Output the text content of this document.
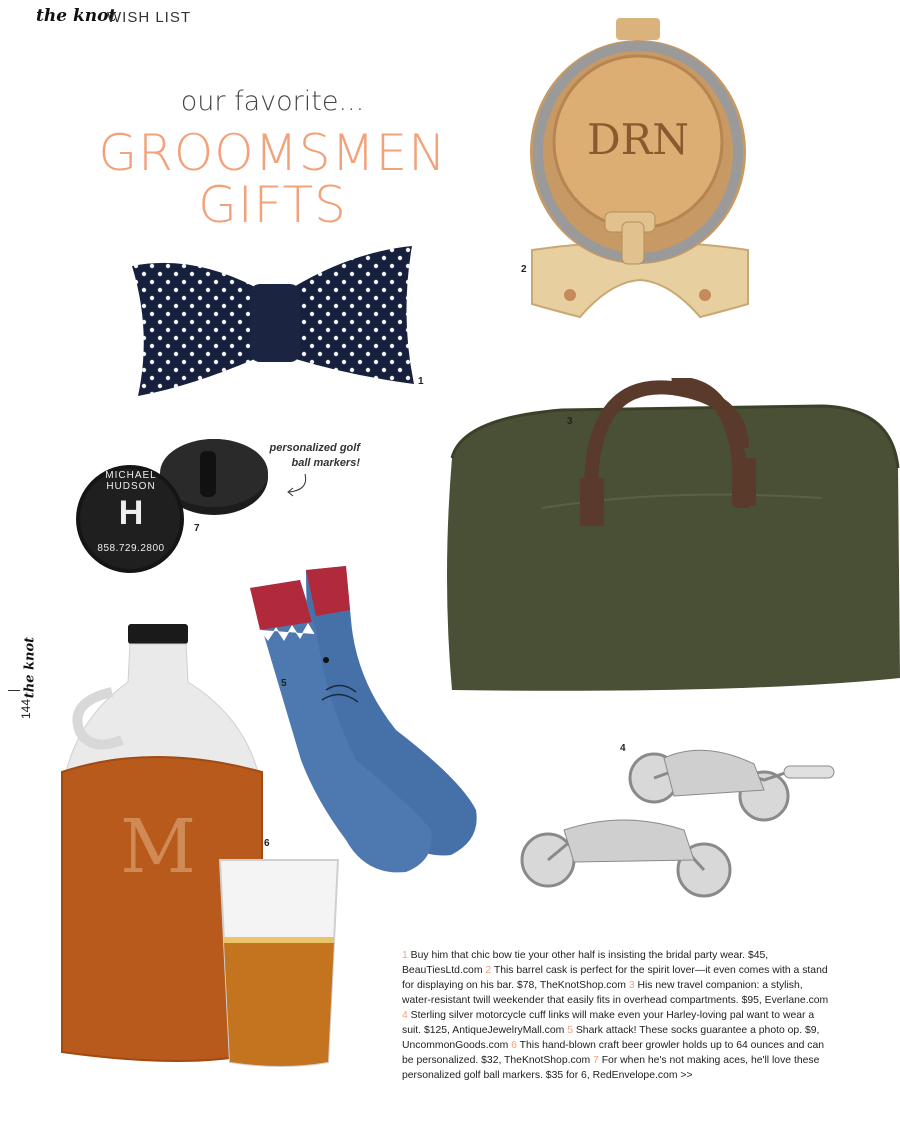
the knot
WISH LIST
our favorite...
GROOMSMEN
GIFTS
DRN
2
1
MICHAEL HUDSON
H
858.729.2800
7
personalized golf
ball markers!
3
5
4
M	6
the knot
144
1 Buy him that chic bow tie your other half is insisting the bridal party wear. $45, BeauTiesLtd.com 2 This barrel cask is perfect for the spirit lover—it even comes with a stand for displaying on his bar. $78, TheKnotShop.com 3 His new travel companion: a stylish, water-resistant twill weekender that easily fits in overhead compartments. $95, Everlane.com 4 Sterling silver motorcycle cuff links will make even your Harley-loving pal want to wear a suit. $125, AntiqueJewelryMall.com 5 Shark attack! These socks guarantee a photo op. $9, UncommonGoods.com 6 This hand-blown craft beer growler holds up to 64 ounces and can be personalized. $32, TheKnotShop.com 7 For when he's not making aces, he'll love these personalized golf ball markers. $35 for 6, RedEnvelope.com >>
